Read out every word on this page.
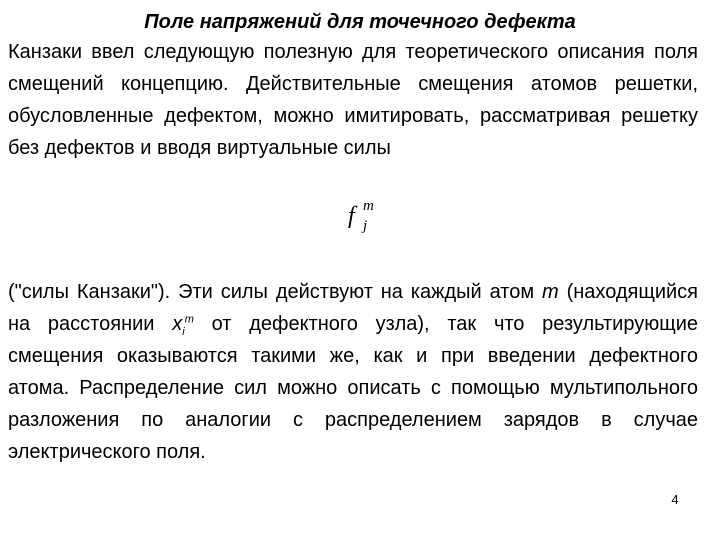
Поле напряжений для точечного дефекта
Канзаки ввел следующую полезную для теоретического описания поля смещений концепцию. Действительные смещения атомов решетки, обусловленные дефектом, можно имитировать, рассматривая решетку без дефектов и вводя виртуальные силы
f m
j
("силы Канзаки"). Эти силы действуют на каждый атом m (находящийся на расстоянии $x_i^m$ от дефектного узла), так что результирующие смещения оказываются такими же, как и при введении дефектного атома. Распределение сил можно описать с помощью мультипольного разложения по аналогии с распределением зарядов в случае электрического поля.
4
